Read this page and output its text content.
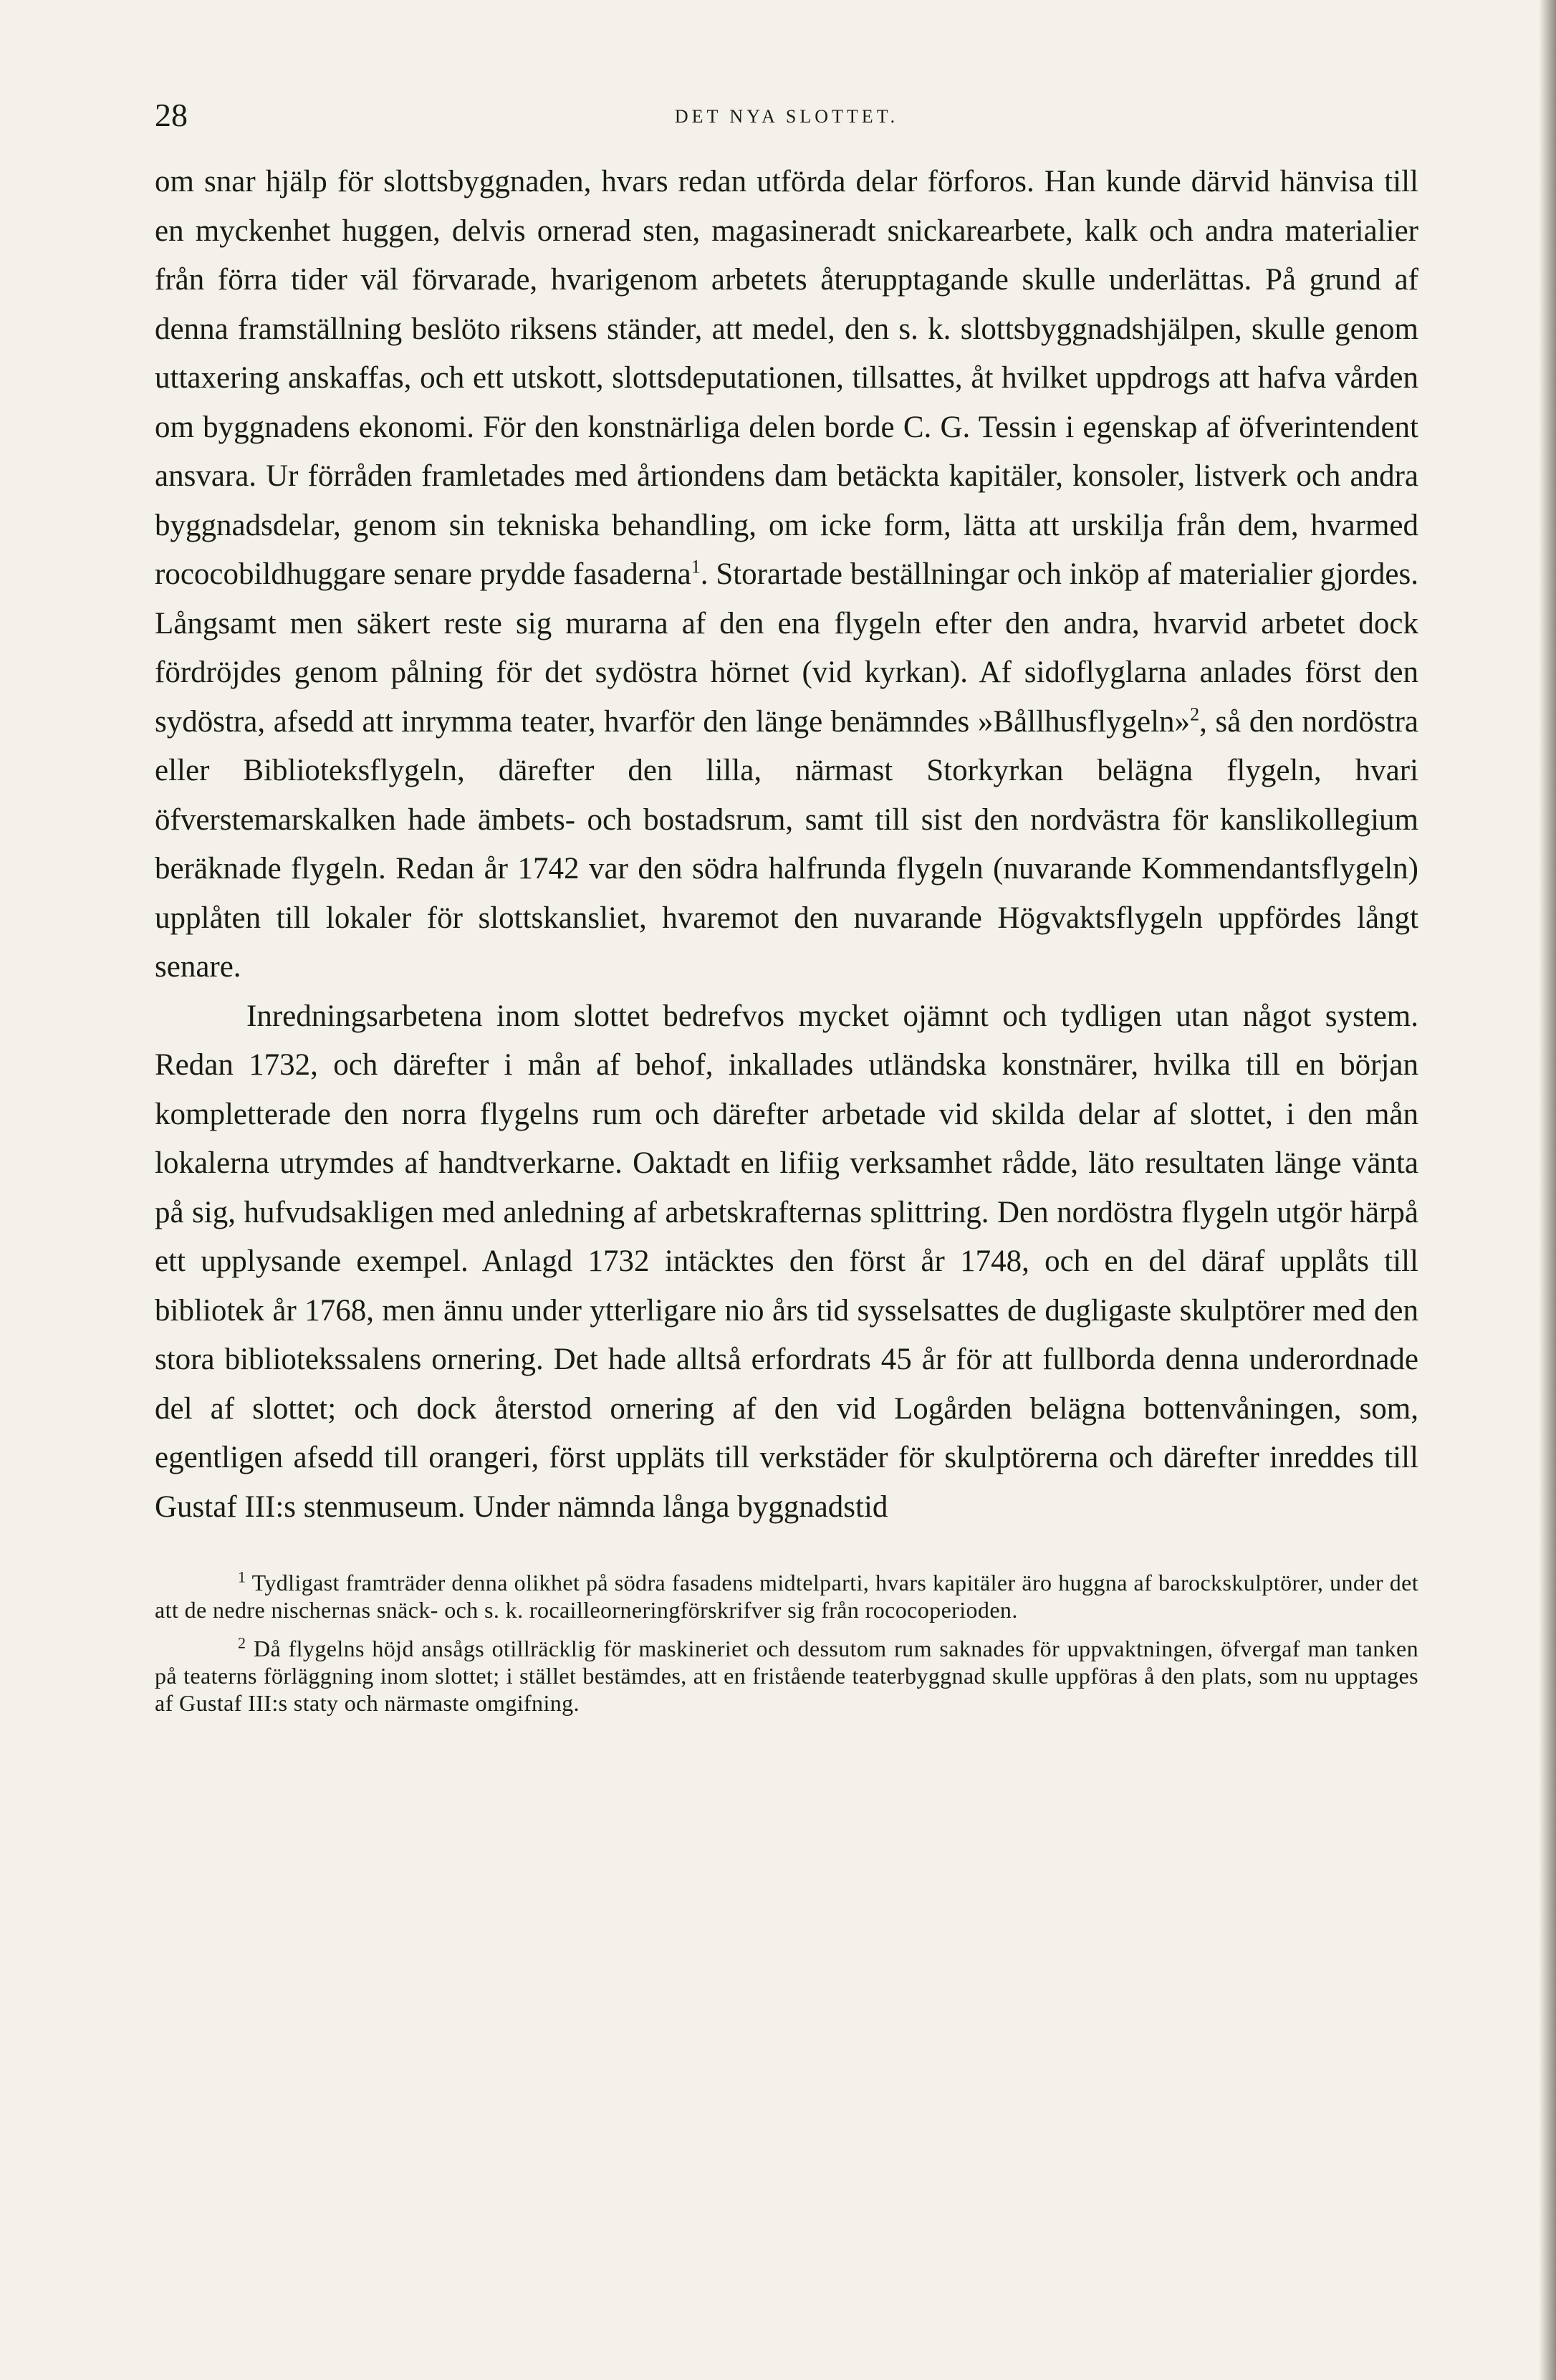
28	DET NYA SLOTTET.

om snar hjälp för slottsbyggnaden, hvars redan utförda delar förforos. Han kunde därvid hänvisa till en myckenhet huggen, delvis ornerad sten, magasineradt snickarearbete, kalk och andra materialier från förra tider väl förvarade, hvarigenom arbetets återupptagande skulle underlättas. På grund af denna framställning beslöto riksens ständer, att medel, den s. k. slottsbyggnadshjälpen, skulle genom uttaxering anskaffas, och ett utskott, slottsdeputationen, tillsattes, åt hvilket uppdrogs att hafva vården om byggnadens ekonomi. För den konstnärliga delen borde C. G. Tessin i egenskap af öfverintendent ansvara. Ur förråden framletades med årtiondens dam betäckta kapitäler, konsoler, listverk och andra byggnadsdelar, genom sin tekniska behandling, om icke form, lätta att urskilja från dem, hvarmed rococobildhuggare senare prydde fasaderna$^1$. Storartade beställningar och inköp af materialier gjordes. Långsamt men säkert reste sig murarna af den ena flygeln efter den andra, hvarvid arbetet dock fördröjdes genom pålning för det sydöstra hörnet (vid kyrkan). Af sidoflyglarna anlades först den sydöstra, afsedd att inrymma teater, hvarför den länge benämndes »Bållhusflygeln»$^2$, så den nordöstra eller Biblioteksflygeln, därefter den lilla, närmast Storkyrkan belägna flygeln, hvari öfverstemarskalken hade ämbets- och bostadsrum, samt till sist den nordvästra för kanslikollegium beräknade flygeln. Redan år 1742 var den södra halfrunda flygeln (nuvarande Kommendantsflygeln) upplåten till lokaler för slottskansliet, hvaremot den nuvarande Högvaktsflygeln uppfördes långt senare.

Inredningsarbetena inom slottet bedrefvos mycket ojämnt och tydligen utan något system. Redan 1732, och därefter i mån af behof, inkallades utländska konstnärer, hvilka till en början kompletterade den norra flygelns rum och därefter arbetade vid skilda delar af slottet, i den mån lokalerna utrymdes af handtverkarne. Oaktadt en lifiig verksamhet rådde, läto resultaten länge vänta på sig, hufvudsakligen med anledning af arbetskrafternas splittring. Den nordöstra flygeln utgör härpå ett upplysande exempel. Anlagd 1732 intäcktes den först år 1748, och en del däraf upplåts till bibliotek år 1768, men ännu under ytterligare nio års tid sysselsattes de dugligaste skulptörer med den stora bibliotekssalens ornering. Det hade alltså erfordrats 45 år för att fullborda denna underordnade del af slottet; och dock återstod ornering af den vid Logården belägna bottenvåningen, som, egentligen afsedd till orangeri, först uppläts till verkstäder för skulptörerna och därefter inreddes till Gustaf III:s stenmuseum. Under nämnda långa byggnadstid

$^1$ Tydligast framträder denna olikhet på södra fasadens midtelparti, hvars kapitäler äro huggna af barockskulptörer, under det att de nedre nischernas snäck- och s. k. rocailleorneringförskrifver sig från rococoperioden.

$^2$ Då flygelns höjd ansågs otillräcklig för maskineriet och dessutom rum saknades för uppvaktningen, öfvergaf man tanken på teaterns förläggning inom slottet; i stället bestämdes, att en fristående teaterbyggnad skulle uppföras å den plats, som nu upptages af Gustaf III:s staty och närmaste omgifning.
